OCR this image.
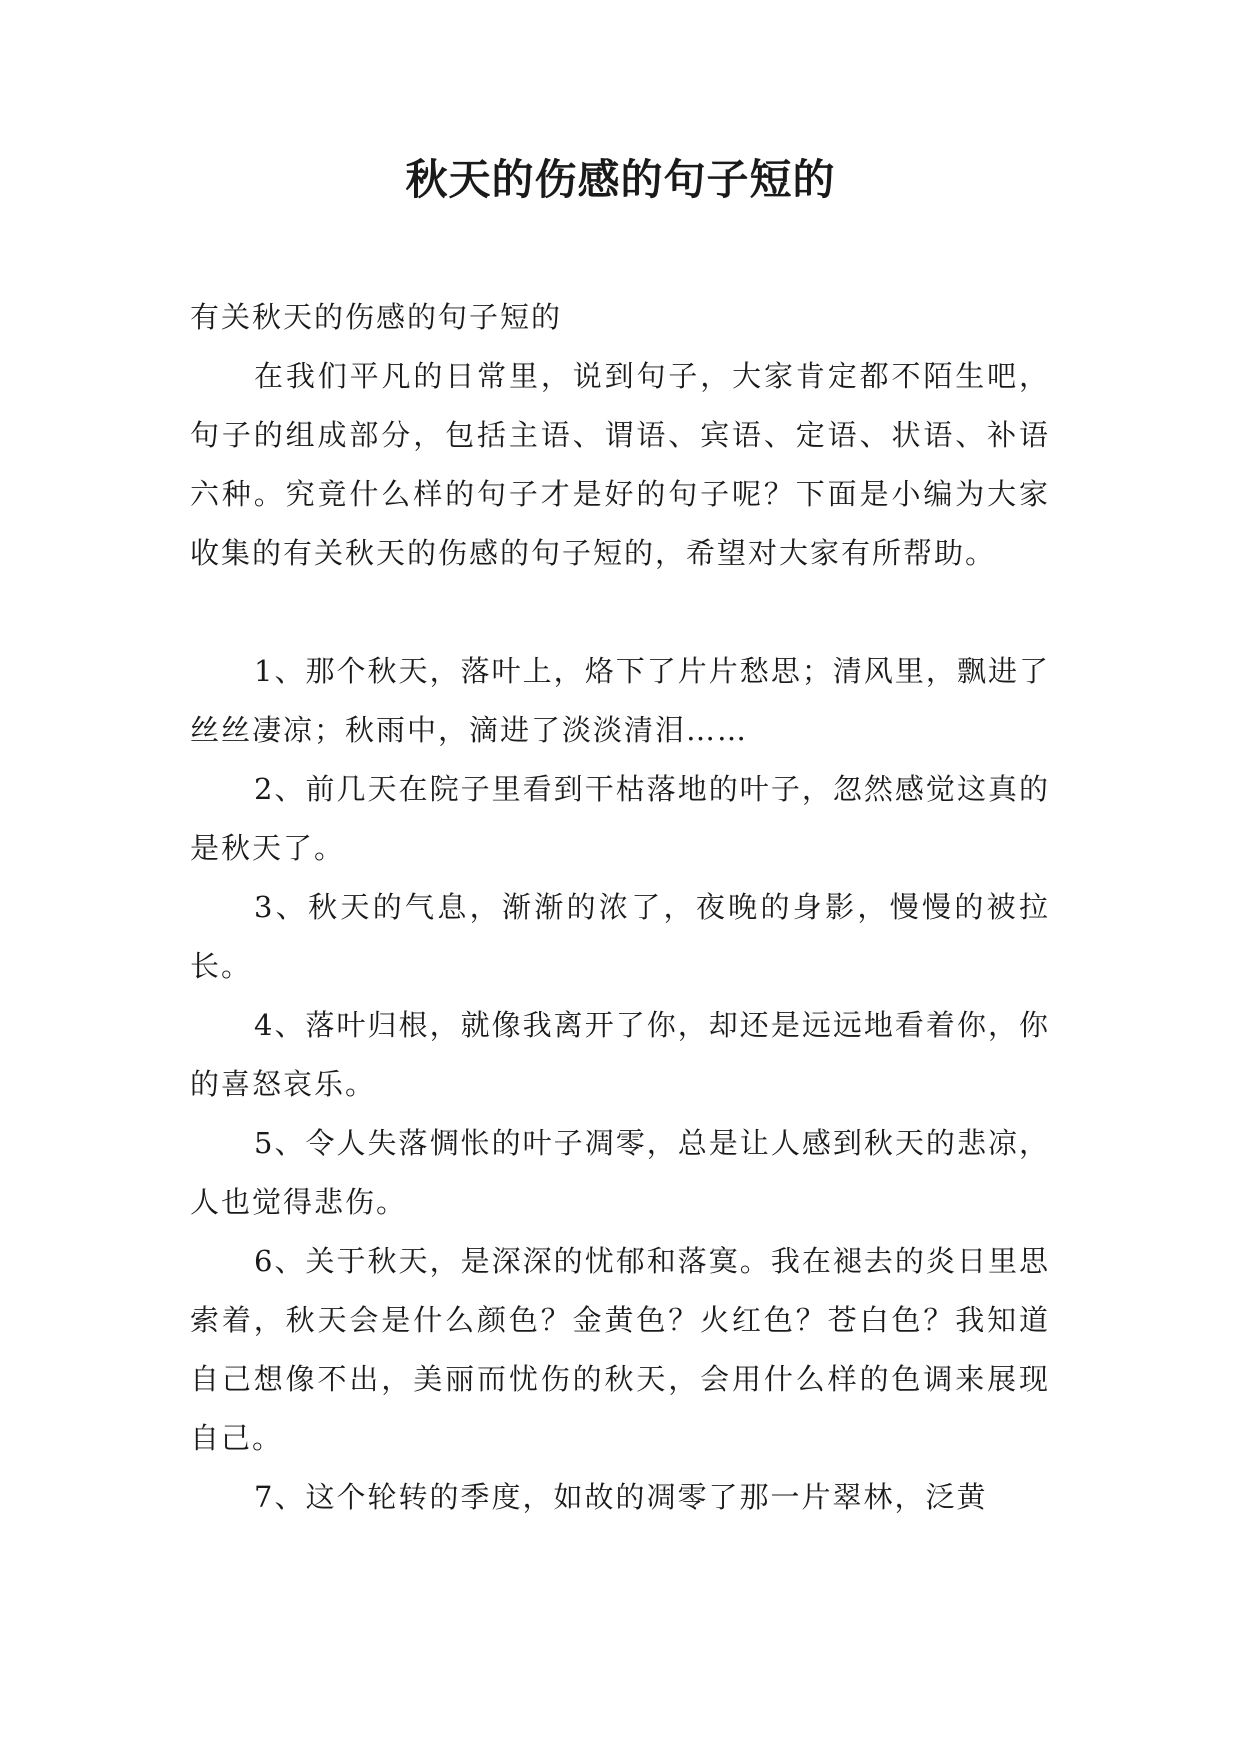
秋天的伤感的句子短的

有关秋天的伤感的句子短的

在我们平凡的日常里，说到句子，大家肯定都不陌生吧，句子的组成部分，包括主语、谓语、宾语、定语、状语、补语六种。究竟什么样的句子才是好的句子呢？下面是小编为大家收集的有关秋天的伤感的句子短的，希望对大家有所帮助。

1、那个秋天，落叶上，烙下了片片愁思；清风里，飘进了丝丝凄凉；秋雨中，滴进了淡淡清泪……

2、前几天在院子里看到干枯落地的叶子，忽然感觉这真的是秋天了。

3、秋天的气息，渐渐的浓了，夜晚的身影，慢慢的被拉长。

4、落叶归根，就像我离开了你，却还是远远地看着你，你的喜怒哀乐。

5、令人失落惆怅的叶子凋零，总是让人感到秋天的悲凉，人也觉得悲伤。

6、关于秋天，是深深的忧郁和落寞。我在褪去的炎日里思索着，秋天会是什么颜色？金黄色？火红色？苍白色？我知道自己想像不出，美丽而忧伤的秋天，会用什么样的色调来展现自己。

7、这个轮转的季度，如故的凋零了那一片翠林，泛黄
